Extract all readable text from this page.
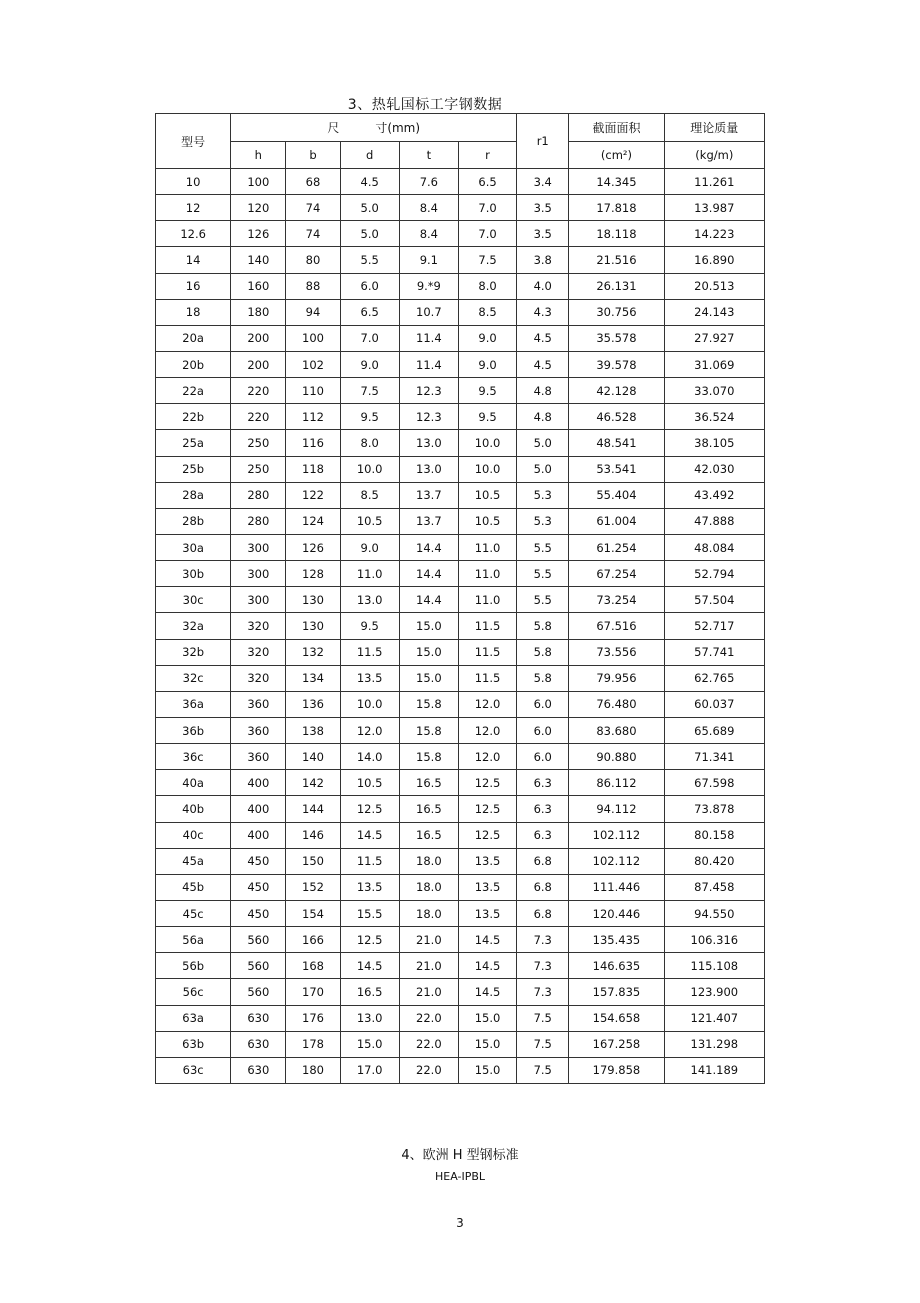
3、热轧国标工字钢数据
型号	尺　　　寸(mm)					r1	截面面积	理论质量
	h	b	d	t	r		(cm²)	(kg/m)
10	100	68	4.5	7.6	6.5	3.4	14.345	11.261
12	120	74	5.0	8.4	7.0	3.5	17.818	13.987
12.6	126	74	5.0	8.4	7.0	3.5	18.118	14.223
14	140	80	5.5	9.1	7.5	3.8	21.516	16.890
16	160	88	6.0	9.*9	8.0	4.0	26.131	20.513
18	180	94	6.5	10.7	8.5	4.3	30.756	24.143
20a	200	100	7.0	11.4	9.0	4.5	35.578	27.927
20b	200	102	9.0	11.4	9.0	4.5	39.578	31.069
22a	220	110	7.5	12.3	9.5	4.8	42.128	33.070
22b	220	112	9.5	12.3	9.5	4.8	46.528	36.524
25a	250	116	8.0	13.0	10.0	5.0	48.541	38.105
25b	250	118	10.0	13.0	10.0	5.0	53.541	42.030
28a	280	122	8.5	13.7	10.5	5.3	55.404	43.492
28b	280	124	10.5	13.7	10.5	5.3	61.004	47.888
30a	300	126	9.0	14.4	11.0	5.5	61.254	48.084
30b	300	128	11.0	14.4	11.0	5.5	67.254	52.794
30c	300	130	13.0	14.4	11.0	5.5	73.254	57.504
32a	320	130	9.5	15.0	11.5	5.8	67.516	52.717
32b	320	132	11.5	15.0	11.5	5.8	73.556	57.741
32c	320	134	13.5	15.0	11.5	5.8	79.956	62.765
36a	360	136	10.0	15.8	12.0	6.0	76.480	60.037
36b	360	138	12.0	15.8	12.0	6.0	83.680	65.689
36c	360	140	14.0	15.8	12.0	6.0	90.880	71.341
40a	400	142	10.5	16.5	12.5	6.3	86.112	67.598
40b	400	144	12.5	16.5	12.5	6.3	94.112	73.878
40c	400	146	14.5	16.5	12.5	6.3	102.112	80.158
45a	450	150	11.5	18.0	13.5	6.8	102.112	80.420
45b	450	152	13.5	18.0	13.5	6.8	111.446	87.458
45c	450	154	15.5	18.0	13.5	6.8	120.446	94.550
56a	560	166	12.5	21.0	14.5	7.3	135.435	106.316
56b	560	168	14.5	21.0	14.5	7.3	146.635	115.108
56c	560	170	16.5	21.0	14.5	7.3	157.835	123.900
63a	630	176	13.0	22.0	15.0	7.5	154.658	121.407
63b	630	178	15.0	22.0	15.0	7.5	167.258	131.298
63c	630	180	17.0	22.0	15.0	7.5	179.858	141.189
4、欧洲 H 型钢标准
HEA-IPBL
3
